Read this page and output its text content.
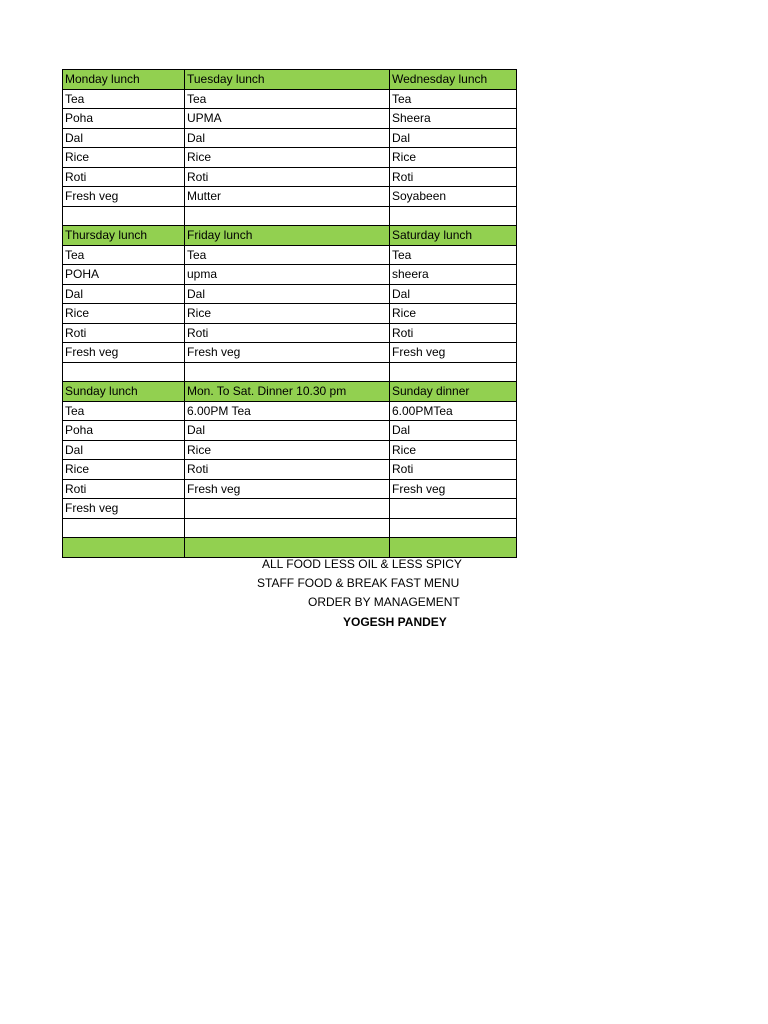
Monday lunch	Tuesday lunch	Wednesday lunch
Tea	Tea	Tea
Poha	UPMA	Sheera
Dal	Dal	Dal
Rice	Rice	Rice
Roti	Roti	Roti
Fresh veg	Mutter	Soyabeen

Thursday lunch	Friday lunch	Saturday lunch
Tea	Tea	Tea
POHA	upma	sheera
Dal	Dal	Dal
Rice	Rice	Rice
Roti	Roti	Roti
Fresh veg	Fresh veg	Fresh veg

Sunday lunch	Mon. To Sat. Dinner 10.30 pm	Sunday dinner
Tea	6.00PM Tea	6.00PMTea
Poha	Dal	Dal
Dal	Rice	Rice
Rice	Roti	Roti
Roti	Fresh veg	Fresh veg
Fresh veg		

ALL FOOD LESS OIL & LESS SPICY
STAFF FOOD & BREAK FAST MENU
ORDER BY MANAGEMENT
YOGESH PANDEY
